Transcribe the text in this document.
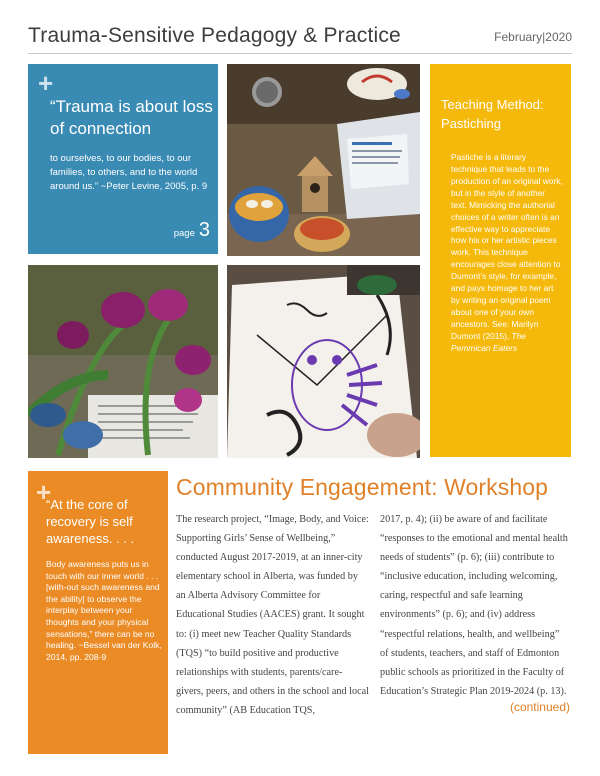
Trauma-Sensitive Pedagogy & Practice	February|2020
+
“Trauma is about loss of connection
to ourselves, to our bodies, to our families, to others, and to the world around us.” ~Peter Levine, 2005, p. 9
page 3
Teaching Method: Pastiching
Pastiche is a literary technique that leads to the production of an original work, but in the style of another text. Mimicking the authorial choices of a writer often is an effective way to appreciate how his or her artistic pieces work. This technique encourages close attention to Dumont’s style, for example, and pays homage to her art by writing an original poem about one of your own ancestors. See: Marilyn Dumont (2015), The Pemmican Eaters
+
“At the core of recovery is self awareness. . . .
Body awareness puts us in touch with our inner world . . . [with-out such awareness and the ability] to observe the interplay between your thoughts and your physical sensations,” there can be no healing. ~Bessel van der Kolk, 2014, pp. 208-9
Community Engagement: Workshop
The research project, “Image, Body, and Voice: Supporting Girls’ Sense of Wellbeing,” conducted August 2017-2019, at an inner-city elementary school in Alberta, was funded by an Alberta Advisory Committee for Educational Studies (AACES) grant. It sought to: (i) meet new Teacher Quality Standards (TQS) “to build positive and productive relationships with students, parents/care-givers, peers, and others in the school and local community” (AB Education TQS,
2017, p. 4); (ii) be aware of and facilitate “responses to the emotional and mental health needs of students” (p. 6); (iii) contribute to “inclusive education, including welcoming, caring, respectful and safe learning environments” (p. 6); and (iv) address “respectful relations, health, and wellbeing” of students, teachers, and staff of Edmonton public schools as prioritized in the Faculty of Education’s Strategic Plan 2019-2024 (p. 13).
(continued)
